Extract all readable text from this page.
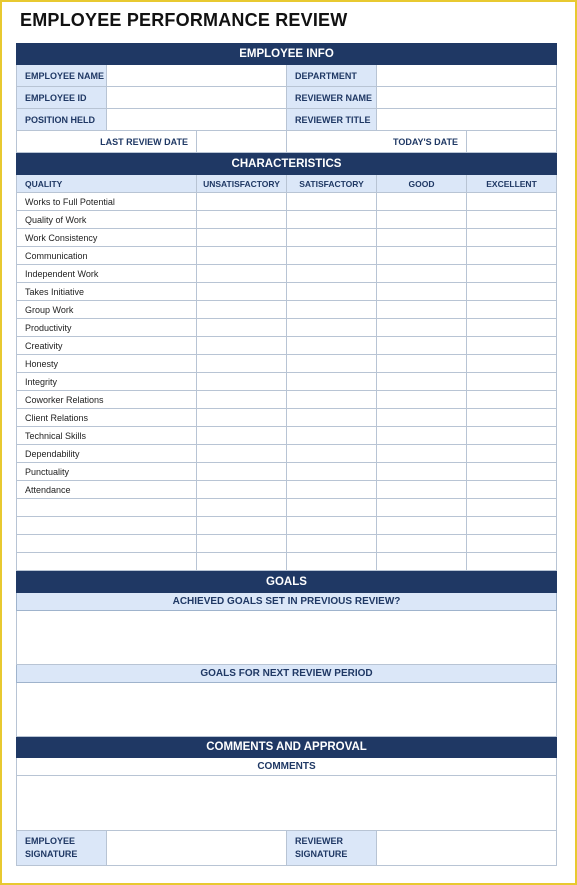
EMPLOYEE PERFORMANCE REVIEW
EMPLOYEE INFO
EMPLOYEE NAME	DEPARTMENT
EMPLOYEE ID	REVIEWER NAME
POSITION HELD	REVIEWER TITLE
LAST REVIEW DATE	TODAY'S DATE
CHARACTERISTICS
QUALITY	UNSATISFACTORY	SATISFACTORY	GOOD	EXCELLENT
Works to Full Potential
Quality of Work
Work Consistency
Communication
Independent Work
Takes Initiative
Group Work
Productivity
Creativity
Honesty
Integrity
Coworker Relations
Client Relations
Technical Skills
Dependability
Punctuality
Attendance
GOALS
ACHIEVED GOALS SET IN PREVIOUS REVIEW?
GOALS FOR NEXT REVIEW PERIOD
COMMENTS AND APPROVAL
COMMENTS
EMPLOYEE
SIGNATURE
REVIEWER
SIGNATURE
